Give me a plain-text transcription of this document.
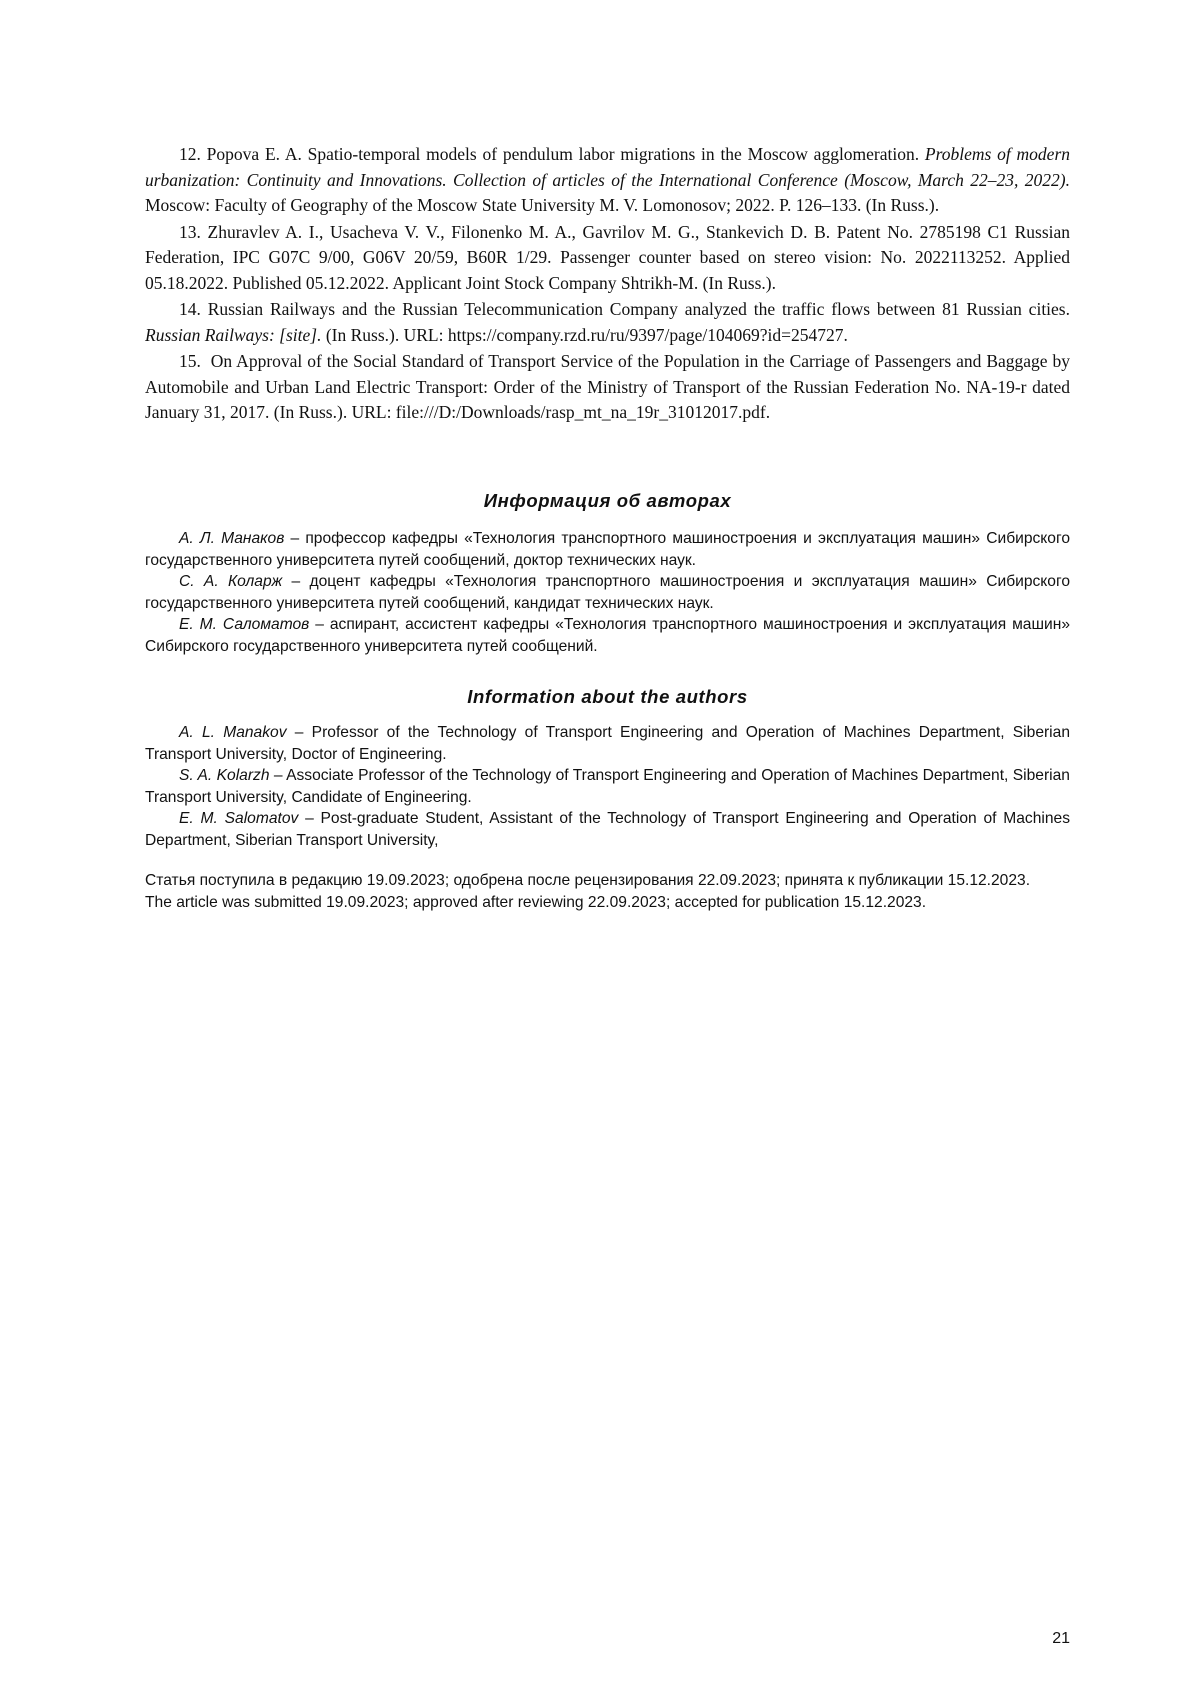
12. Popova E. A. Spatio-temporal models of pendulum labor migrations in the Moscow agglomeration. Problems of modern urbanization: Continuity and Innovations. Collection of articles of the International Conference (Moscow, March 22–23, 2022). Moscow: Faculty of Geography of the Moscow State University M. V. Lomonosov; 2022. P. 126–133. (In Russ.).

13. Zhuravlev A. I., Usacheva V. V., Filonenko M. A., Gavrilov M. G., Stankevich D. B. Patent No. 2785198 C1 Russian Federation, IPC G07C 9/00, G06V 20/59, B60R 1/29. Passenger counter based on stereo vision: No. 2022113252. Applied 05.18.2022. Published 05.12.2022. Applicant Joint Stock Company Shtrikh-M. (In Russ.).

14. Russian Railways and the Russian Telecommunication Company analyzed the traffic flows between 81 Russian cities. Russian Railways: [site]. (In Russ.). URL: https://company.rzd.ru/ru/9397/page/104069?id=254727.

15. On Approval of the Social Standard of Transport Service of the Population in the Carriage of Passengers and Baggage by Automobile and Urban Land Electric Transport: Order of the Ministry of Transport of the Russian Federation No. NA-19-r dated January 31, 2017. (In Russ.). URL: file:///D:/Downloads/rasp_mt_na_19r_31012017.pdf.

Информация об авторах

А. Л. Манаков – профессор кафедры «Технология транспортного машиностроения и эксплуатация машин» Сибирского государственного университета путей сообщений, доктор технических наук.

С. А. Коларж – доцент кафедры «Технология транспортного машиностроения и эксплуатация машин» Сибирского государственного университета путей сообщений, кандидат технических наук.

Е. М. Саломатов – аспирант, ассистент кафедры «Технология транспортного машиностроения и эксплуатация машин» Сибирского государственного университета путей сообщений.

Information about the authors

A. L. Manakov – Professor of the Technology of Transport Engineering and Operation of Machines Department, Siberian Transport University, Doctor of Engineering.

S. A. Kolarzh – Associate Professor of the Technology of Transport Engineering and Operation of Machines Department, Siberian Transport University, Candidate of Engineering.

E. M. Salomatov – Post-graduate Student, Assistant of the Technology of Transport Engineering and Operation of Machines Department, Siberian Transport University,

Статья поступила в редакцию 19.09.2023; одобрена после рецензирования 22.09.2023; принята к публикации 15.12.2023.

The article was submitted 19.09.2023; approved after reviewing 22.09.2023; accepted for publication 15.12.2023.

21
